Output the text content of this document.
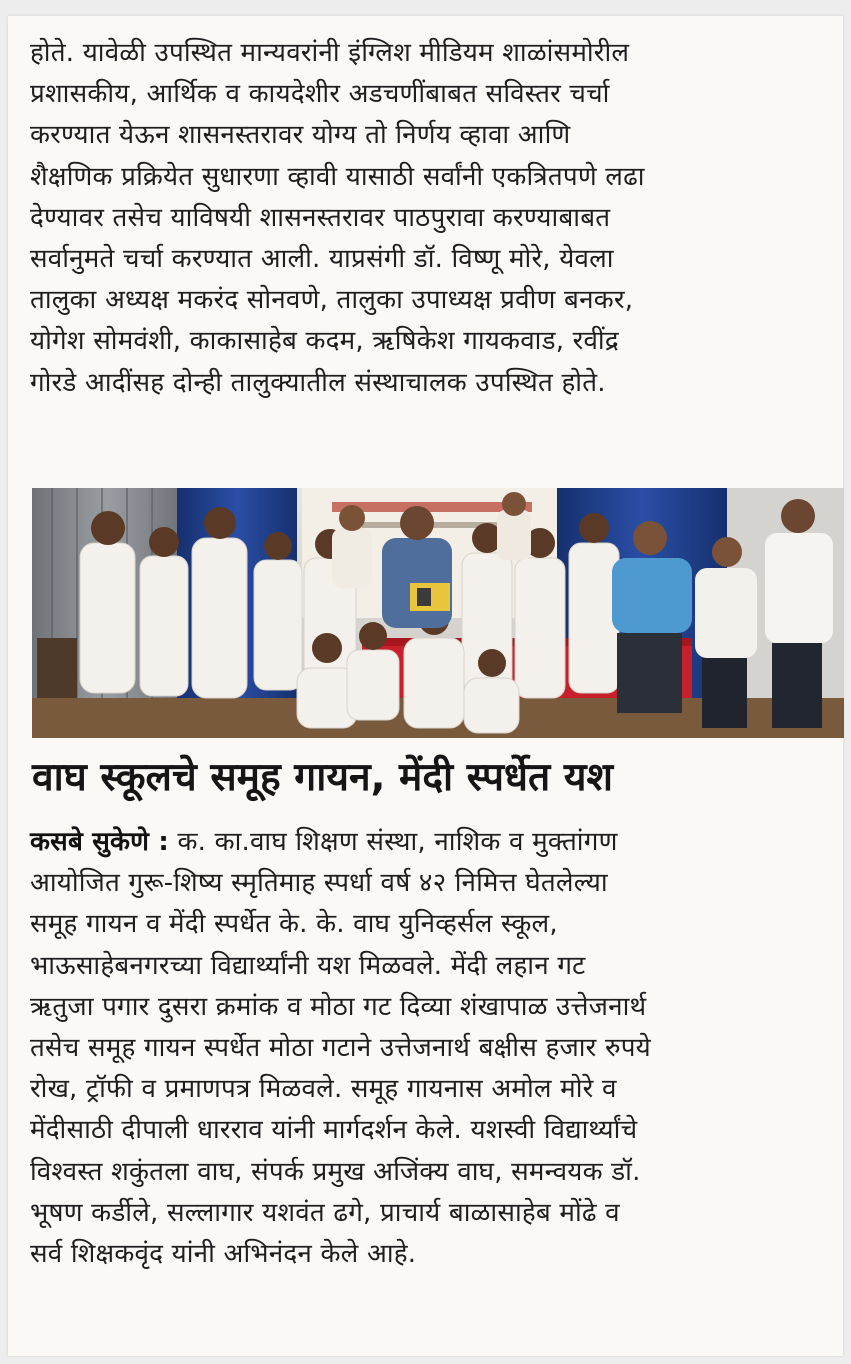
होते. यावेळी उपस्थित मान्यवरांनी इंग्लिश मीडियम शाळांसमोरील
प्रशासकीय, आर्थिक व कायदेशीर अडचणींबाबत सविस्तर चर्चा
करण्यात येऊन शासनस्तरावर योग्य तो निर्णय व्हावा आणि
शैक्षणिक प्रक्रियेत सुधारणा व्हावी यासाठी सर्वांनी एकत्रितपणे लढा
देण्यावर तसेच याविषयी शासनस्तरावर पाठपुरावा करण्याबाबत
सर्वानुमते चर्चा करण्यात आली. याप्रसंगी डॉ. विष्णू मोरे, येवला
तालुका अध्यक्ष मकरंद सोनवणे, तालुका उपाध्यक्ष प्रवीण बनकर,
योगेश सोमवंशी, काकासाहेब कदम, ऋषिकेश गायकवाड, रवींद्र
गोरडे आदींसह दोन्ही तालुक्यातील संस्थाचालक उपस्थित होते.

वाघ स्कूलचे समूह गायन, मेंदी स्पर्धेत यश

कसबे सुकेणे : क. का.वाघ शिक्षण संस्था, नाशिक व मुक्तांगण
आयोजित गुरू-शिष्य स्मृतिमाह स्पर्धा वर्ष ४२ निमित्त घेतलेल्या
समूह गायन व मेंदी स्पर्धेत के. के. वाघ युनिव्हर्सल स्कूल,
भाऊसाहेबनगरच्या विद्यार्थ्यांनी यश मिळवले. मेंदी लहान गट
ऋतुजा पगार दुसरा क्रमांक व मोठा गट दिव्या शंखापाळ उत्तेजनार्थ
तसेच समूह गायन स्पर्धेत मोठा गटाने उत्तेजनार्थ बक्षीस हजार रुपये
रोख, ट्रॉफी व प्रमाणपत्र मिळवले. समूह गायनास अमोल मोरे व
मेंदीसाठी दीपाली धारराव यांनी मार्गदर्शन केले. यशस्वी विद्यार्थ्यांचे
विश्वस्त शकुंतला वाघ, संपर्क प्रमुख अजिंक्य वाघ, समन्वयक डॉ.
भूषण कर्डीले, सल्लागार यशवंत ढगे, प्राचार्य बाळासाहेब मोंढे व
सर्व शिक्षकवृंद यांनी अभिनंदन केले आहे.
